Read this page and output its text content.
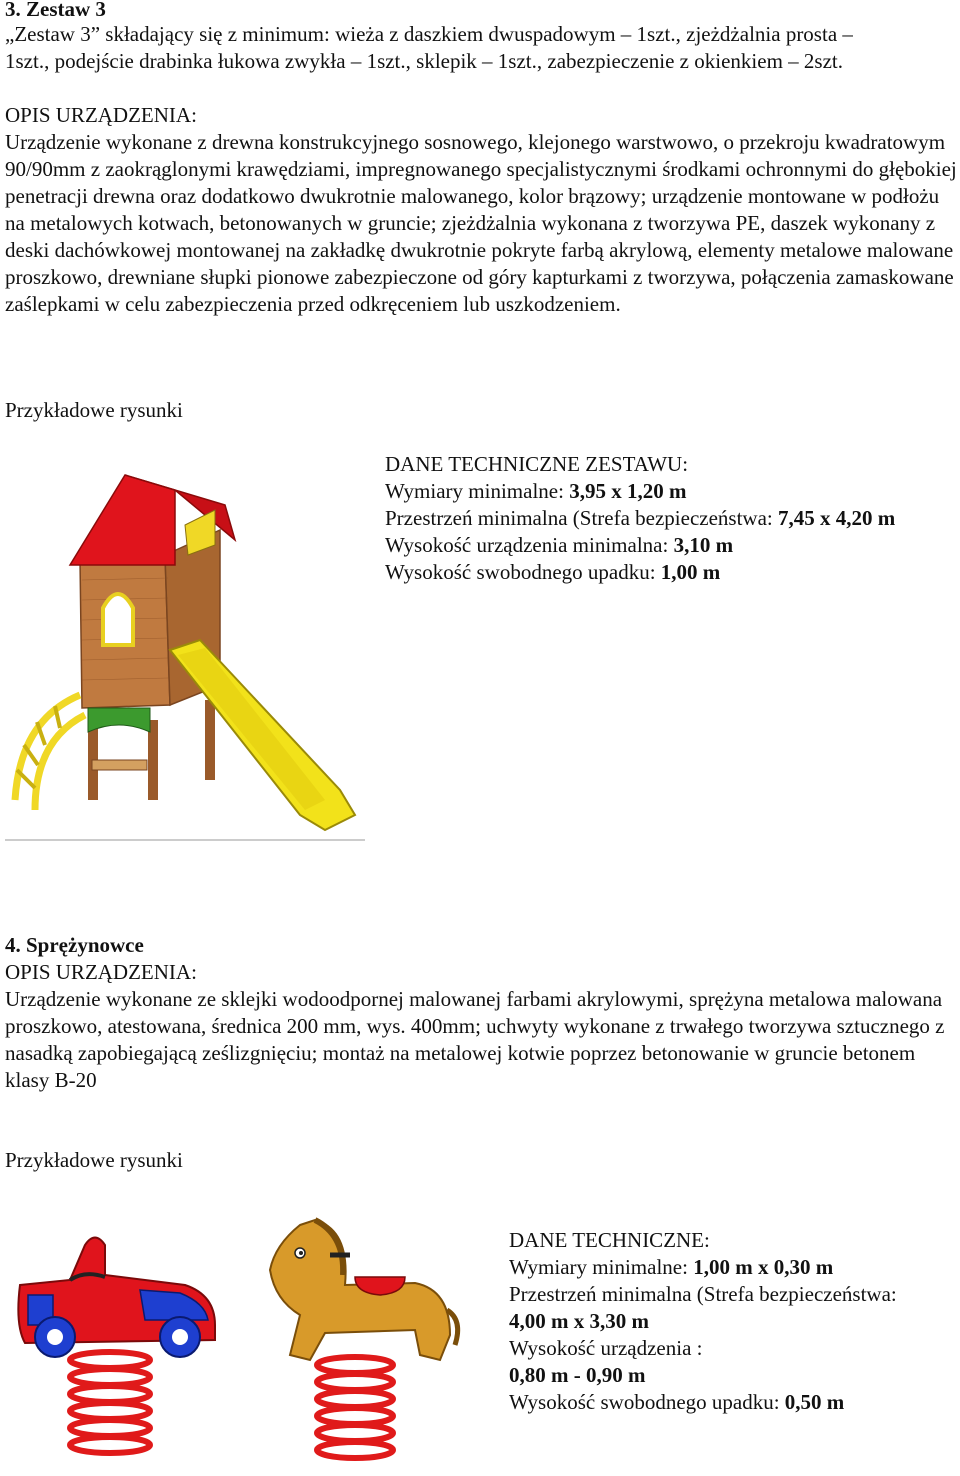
3. Zestaw 3

„Zestaw 3” składający się z minimum: wieża z daszkiem dwuspadowym – 1szt., zjeżdżalnia prosta – 1szt., podejście drabinka łukowa zwykła – 1szt., sklepik – 1szt., zabezpieczenie z okienkiem – 2szt.

OPIS URZĄDZENIA:

Urządzenie wykonane z drewna konstrukcyjnego sosnowego, klejonego warstwowo, o przekroju kwadratowym 90/90mm z zaokrąglonymi krawędziami, impregnowanego specjalistycznymi środkami ochronnymi do głębokiej penetracji drewna oraz dodatkowo dwukrotnie malowanego, kolor brązowy; urządzenie montowane w podłożu na metalowych kotwach, betonowanych w gruncie; zjeżdżalnia wykonana z tworzywa PE, daszek wykonany z deski dachówkowej montowanej na zakładkę dwukrotnie pokryte farbą akrylową, elementy metalowe malowane proszkowo, drewniane słupki pionowe zabezpieczone od góry kapturkami z tworzywa, połączenia zamaskowane zaślepkami w celu zabezpieczenia przed odkręceniem lub uszkodzeniem.

Przykładowe rysunki
DANE TECHNICZNE ZESTAWU:
Wymiary minimalne: 3,95 x 1,20 m
Przestrzeń minimalna (Strefa bezpieczeństwa: 7,45 x 4,20 m
Wysokość urządzenia minimalna: 3,10 m
Wysokość swobodnego upadku: 1,00 m
4. Sprężynowce
OPIS URZĄDZENIA:

Urządzenie wykonane ze sklejki wodoodpornej malowanej farbami akrylowymi, sprężyna metalowa malowana proszkowo, atestowana, średnica 200 mm, wys. 400mm; uchwyty wykonane z trwałego tworzywa sztucznego z nasadką zapobiegającą ześlizgnięciu; montaż na metalowej kotwie poprzez betonowanie w gruncie betonem klasy B-20

Przykładowe rysunki
DANE TECHNICZNE:
Wymiary minimalne: 1,00 m x 0,30 m
Przestrzeń minimalna (Strefa bezpieczeństwa:
4,00 m x 3,30 m
Wysokość urządzenia :
0,80 m - 0,90 m
Wysokość swobodnego upadku: 0,50 m
